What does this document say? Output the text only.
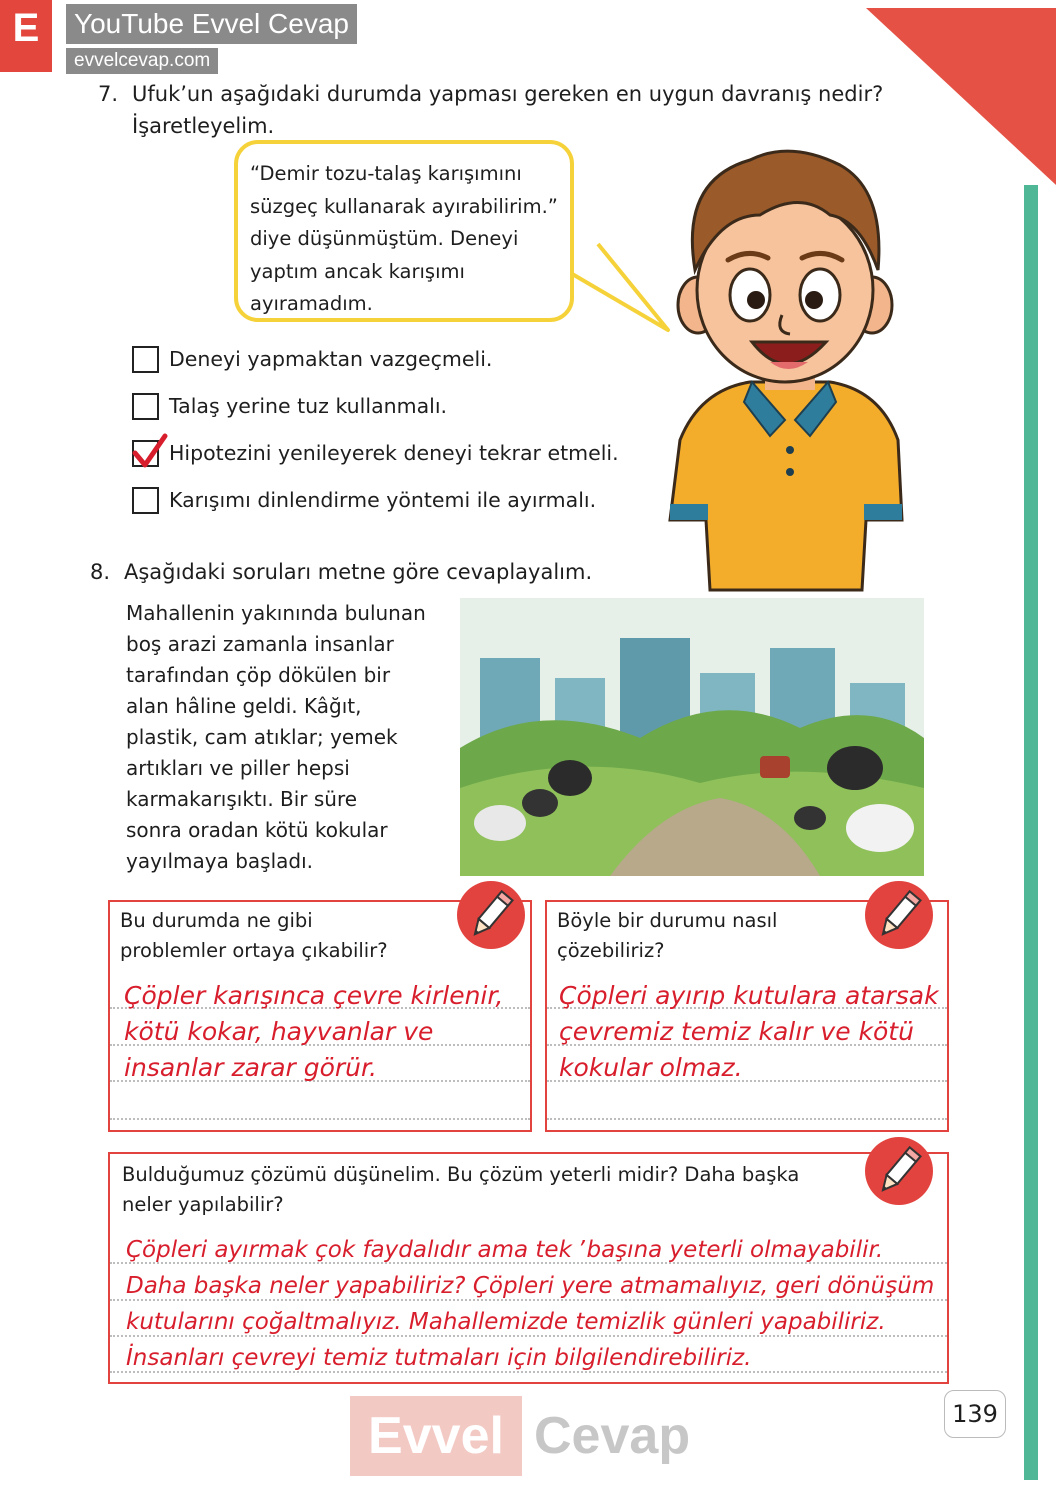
E	YouTube Evvel Cevap
evvelcevap.com
7. Ufuk’un aşağıdaki durumda yapması gereken en uygun davranış nedir?
İşaretleyelim.
“Demir tozu-talaş karışımını
süzgeç kullanarak ayırabilirim.”
diye düşünmüştüm. Deneyi
yaptım ancak karışımı
ayıramadım.
Deneyi yapmaktan vazgeçmeli.
Talaş yerine tuz kullanmalı.
Hipotezini yenileyerek deneyi tekrar etmeli.
Karışımı dinlendirme yöntemi ile ayırmalı.
8. Aşağıdaki soruları metne göre cevaplayalım.
Mahallenin yakınında bulunan
boş arazi zamanla insanlar
tarafından çöp dökülen bir
alan hâline geldi. Kâğıt,
plastik, cam atıklar; yemek
artıkları ve piller hepsi
karmakarışıktı. Bir süre
sonra oradan kötü kokular
yayılmaya başladı.
Bu durumda ne gibi
problemler ortaya çıkabilir?
Çöpler karışınca çevre kirlenir,
kötü kokar, hayvanlar ve
insanlar zarar görür.
Böyle bir durumu nasıl
çözebiliriz?
Çöpleri ayırıp kutulara atarsak
çevremiz temiz kalır ve kötü
kokular olmaz.
Bulduğumuz çözümü düşünelim. Bu çözüm yeterli midir? Daha başka
neler yapılabilir?
Çöpleri ayırmak çok faydalıdır ama tek ʼbaşına yeterli olmayabilir.
Daha başka neler yapabiliriz? Çöpleri yere atmamalıyız, geri dönüşüm
kutularını çoğaltmalıyız. Mahallemizde temizlik günleri yapabiliriz.
İnsanları çevreyi temiz tutmaları için bilgilendirebiliriz.
Evvel Cevap	139
